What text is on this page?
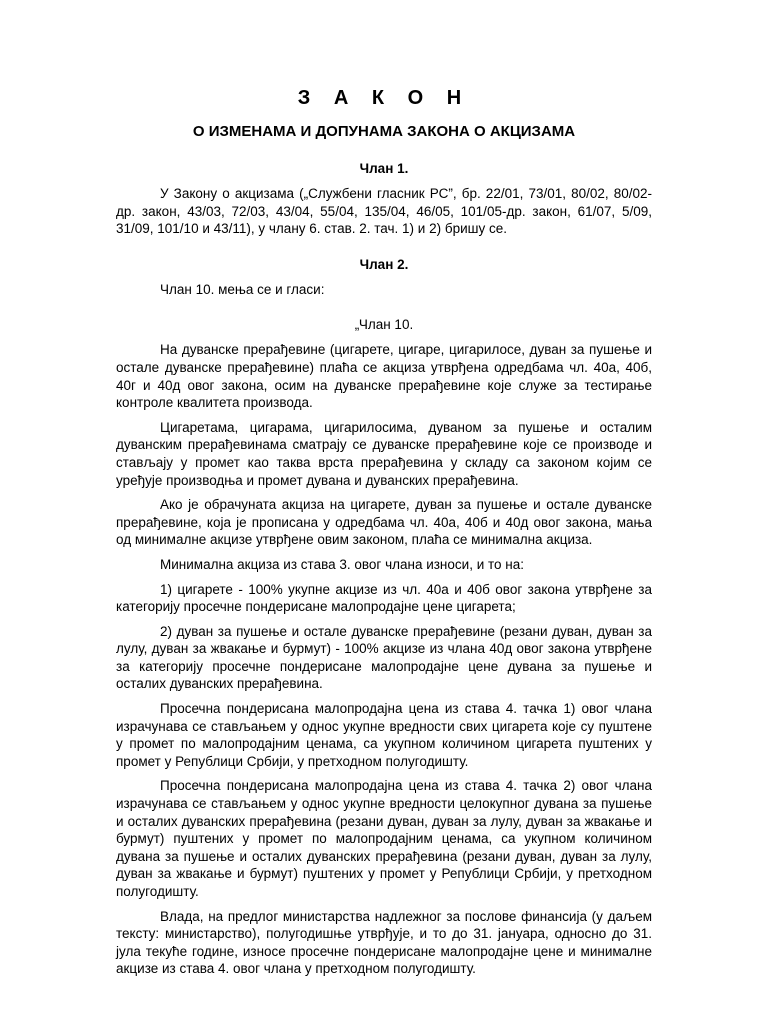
З А К О Н
О ИЗМЕНАМА И ДОПУНАМА ЗАКОНА О АКЦИЗАМА
Члан 1.

У Закону о акцизама („Службени гласник РС”, бр. 22/01, 73/01, 80/02, 80/02-др. закон, 43/03, 72/03, 43/04, 55/04, 135/04, 46/05, 101/05-др. закон, 61/07, 5/09, 31/09, 101/10 и 43/11), у члану 6. став. 2. тач. 1) и 2) бришу се.

Члан 2.

Члан 10. мења се и гласи:

„Члан 10.

На дуванске прерађевине (цигарете, цигаре, цигарилосе, дуван за пушење и остале дуванске прерађевине) плаћа се акциза утврђена одредбама чл. 40а, 40б, 40г и 40д овог закона, осим на дуванске прерађевине које служе за тестирање контроле квалитета производа.

Цигаретама, цигарама, цигарилосима, дуваном за пушење и осталим дуванским прерађевинама сматрају се дуванске прерађевине које се производе и стављају у промет као таква врста прерађевина у складу са законом којим се уређује производња и промет дувана и дуванских прерађевина.

Ако је обрачуната акциза на цигарете, дуван за пушење и остале дуванске прерађевине, која је прописана у одредбама чл. 40а, 40б и 40д овог закона, мања од минималне акцизе утврђене овим законом, плаћа се минимална акциза.

Минимална акциза из става 3. овог члана износи, и то на:

1) цигарете - 100% укупне акцизе из чл. 40а и 40б овог закона утврђене за категорију просечне пондерисане малопродајне цене цигарета;

2) дуван за пушење и остале дуванске прерађевине (резани дуван, дуван за лулу, дуван за жвакање и бурмут) - 100% акцизе из члана 40д овог закона утврђене за категорију просечне пондерисане малопродајне цене дувана за пушење и осталих дуванских прерађевина.

Просечна пондерисана малопродајна цена из става 4. тачка 1) овог члана израчунава се стављањем у однос укупне вредности свих цигарета које су пуштене у промет по малопродајним ценама, са укупном количином цигарета пуштених у промет у Републици Србији, у претходном полугодишту.

Просечна пондерисана малопродајна цена из става 4. тачка 2) овог члана израчунава се стављањем у однос укупне вредности целокупног дувана за пушење и осталих дуванских прерађевина (резани дуван, дуван за лулу, дуван за жвакање и бурмут) пуштених у промет по малопродајним ценама, са укупном количином дувана за пушење и осталих дуванских прерађевина (резани дуван, дуван за лулу, дуван за жвакање и бурмут) пуштених у промет у Републици Србији, у претходном полугодишту.

Влада, на предлог министарства надлежног за послове финансија (у даљем тексту: министарство), полугодишње утврђује, и то до 31. јануара, односно до 31. јула текуће године, износе просечне пондерисане малопродајне цене и минималне акцизе из става 4. овог члана у претходном полугодишту.
